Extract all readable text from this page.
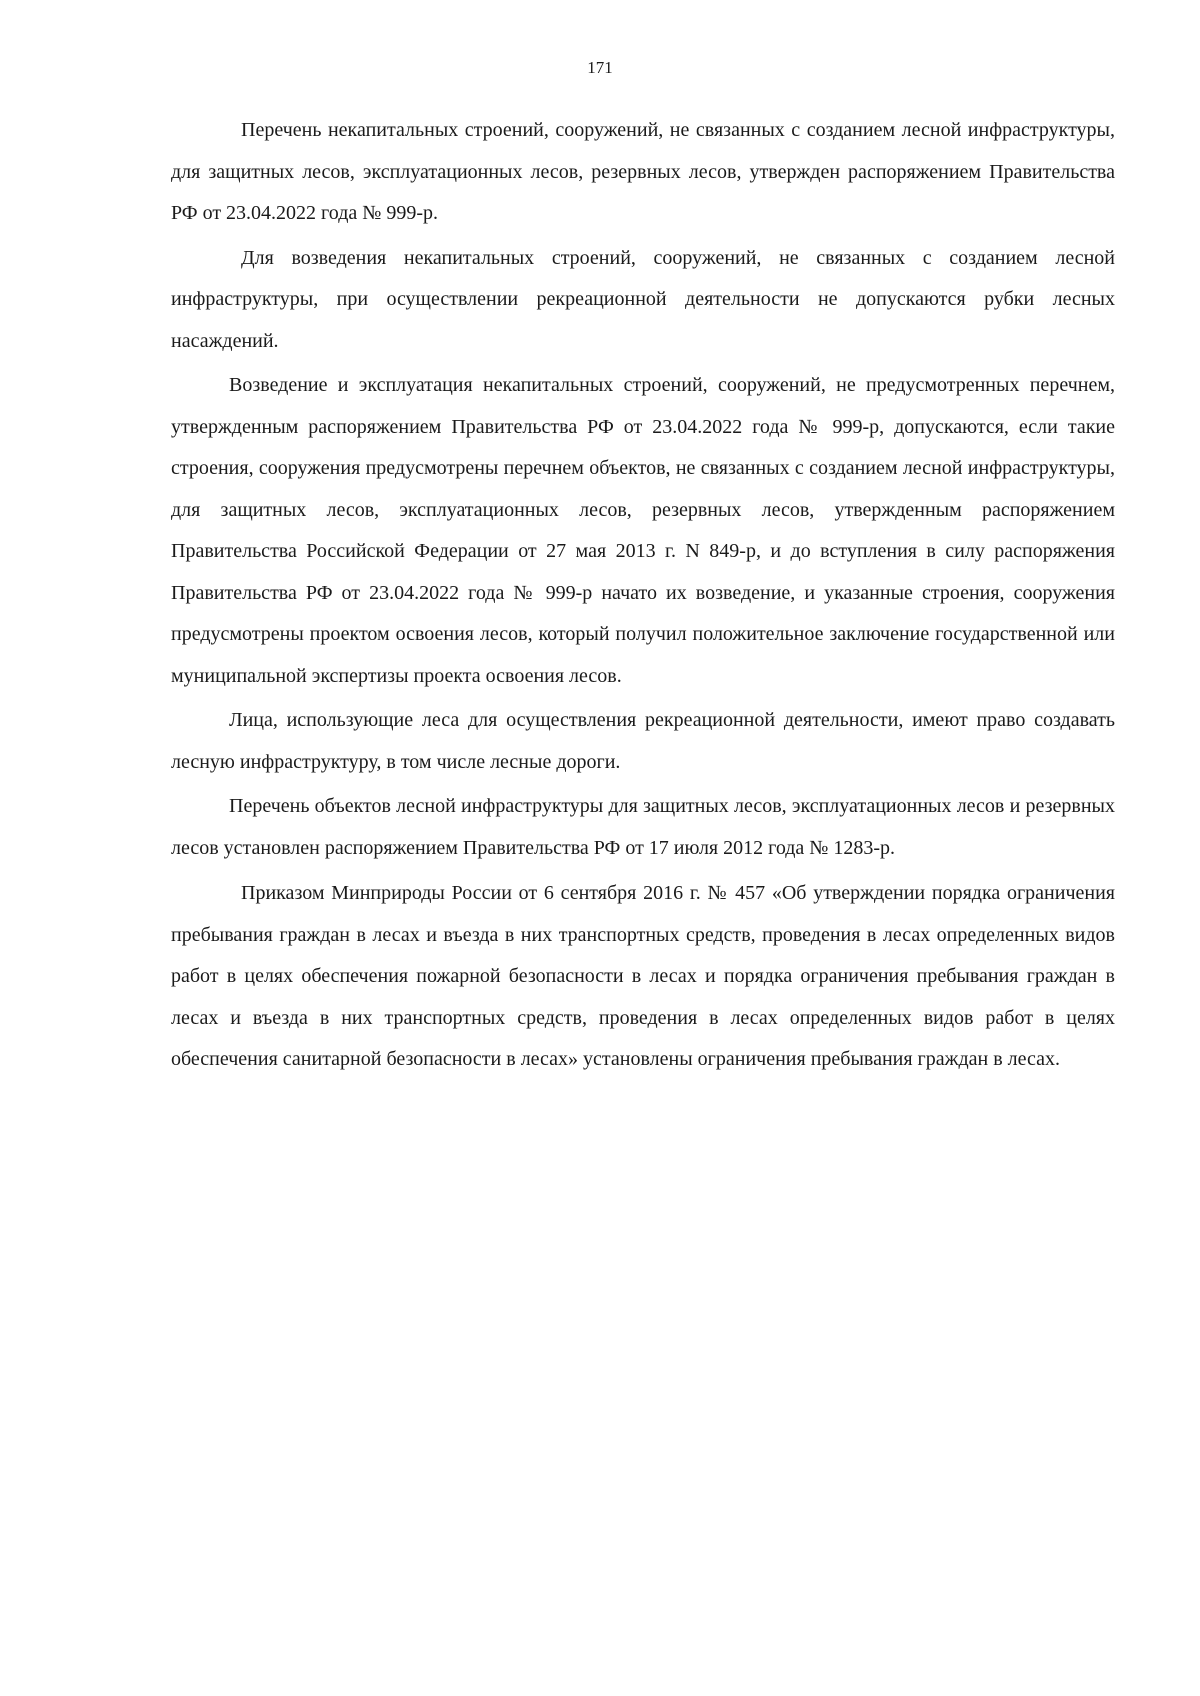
171

Перечень некапитальных строений, сооружений, не связанных с созданием лесной инфраструктуры, для защитных лесов, эксплуатационных лесов, резервных лесов, утвержден распоряжением Правительства РФ от 23.04.2022 года № 999-р.

Для возведения некапитальных строений, сооружений, не связанных с созданием лесной инфраструктуры, при осуществлении рекреационной деятельности не допускаются рубки лесных насаждений.

Возведение и эксплуатация некапитальных строений, сооружений, не предусмотренных перечнем, утвержденным распоряжением Правительства РФ от 23.04.2022 года № 999-р, допускаются, если такие строения, сооружения предусмотрены перечнем объектов, не связанных с созданием лесной инфраструктуры, для защитных лесов, эксплуатационных лесов, резервных лесов, утвержденным распоряжением Правительства Российской Федерации от 27 мая 2013 г. N 849-р, и до вступления в силу распоряжения Правительства РФ от 23.04.2022 года № 999-р начато их возведение, и указанные строения, сооружения предусмотрены проектом освоения лесов, который получил положительное заключение государственной или муниципальной экспертизы проекта освоения лесов.

Лица, использующие леса для осуществления рекреационной деятельности, имеют право создавать лесную инфраструктуру, в том числе лесные дороги.

Перечень объектов лесной инфраструктуры для защитных лесов, эксплуатационных лесов и резервных лесов установлен распоряжением Правительства РФ от 17 июля 2012 года № 1283-р.

Приказом Минприроды России от 6 сентября 2016 г. № 457 «Об утверждении порядка ограничения пребывания граждан в лесах и въезда в них транспортных средств, проведения в лесах определенных видов работ в целях обеспечения пожарной безопасности в лесах и порядка ограничения пребывания граждан в лесах и въезда в них транспортных средств, проведения в лесах определенных видов работ в целях обеспечения санитарной безопасности в лесах» установлены ограничения пребывания граждан в лесах.
